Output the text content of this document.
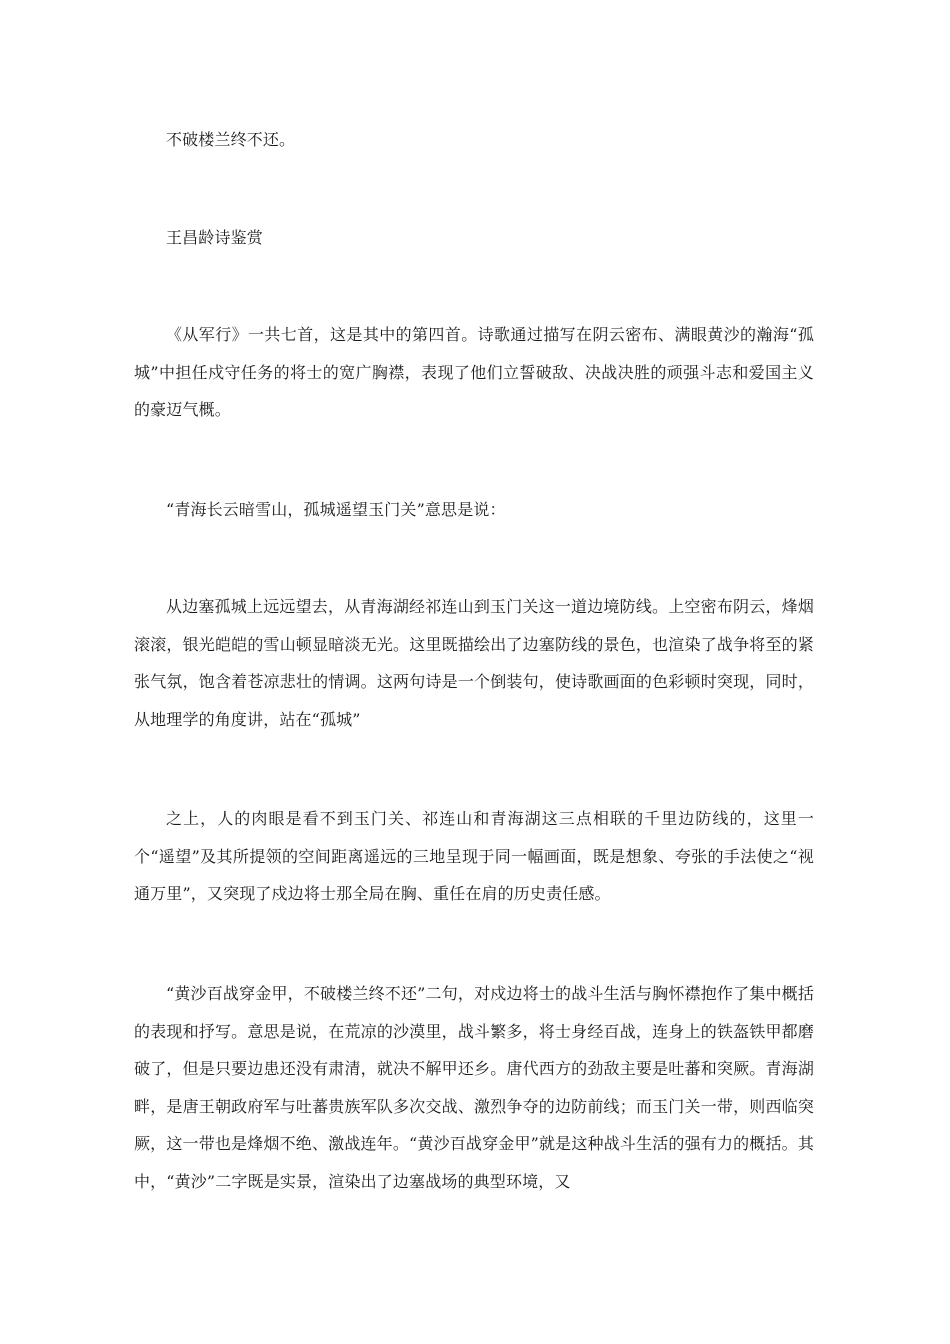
不破楼兰终不还。

王昌龄诗鉴赏

《从军行》一共七首，这是其中的第四首。诗歌通过描写在阴云密布、满眼黄沙的瀚海“孤城”中担任戍守任务的将士的宽广胸襟，表现了他们立誓破敌、决战决胜的顽强斗志和爱国主义的豪迈气概。

“青海长云暗雪山，孤城遥望玉门关”意思是说：

从边塞孤城上远远望去，从青海湖经祁连山到玉门关这一道边境防线。上空密布阴云，烽烟滚滚，银光皑皑的雪山顿显暗淡无光。这里既描绘出了边塞防线的景色，也渲染了战争将至的紧张气氛，饱含着苍凉悲壮的情调。这两句诗是一个倒装句，使诗歌画面的色彩顿时突现，同时，从地理学的角度讲，站在“孤城”

之上，人的肉眼是看不到玉门关、祁连山和青海湖这三点相联的千里边防线的，这里一个“遥望”及其所提领的空间距离遥远的三地呈现于同一幅画面，既是想象、夸张的手法使之“视通万里”，又突现了戍边将士那全局在胸、重任在肩的历史责任感。

“黄沙百战穿金甲，不破楼兰终不还”二句，对戍边将士的战斗生活与胸怀襟抱作了集中概括的表现和抒写。意思是说，在荒凉的沙漠里，战斗繁多，将士身经百战，连身上的铁盔铁甲都磨破了，但是只要边患还没有肃清，就决不解甲还乡。唐代西方的劲敌主要是吐蕃和突厥。青海湖畔，是唐王朝政府军与吐蕃贵族军队多次交战、激烈争夺的边防前线；而玉门关一带，则西临突厥，这一带也是烽烟不绝、激战连年。“黄沙百战穿金甲”就是这种战斗生活的强有力的概括。其中，“黄沙”二字既是实景，渲染出了边塞战场的典型环境，又
